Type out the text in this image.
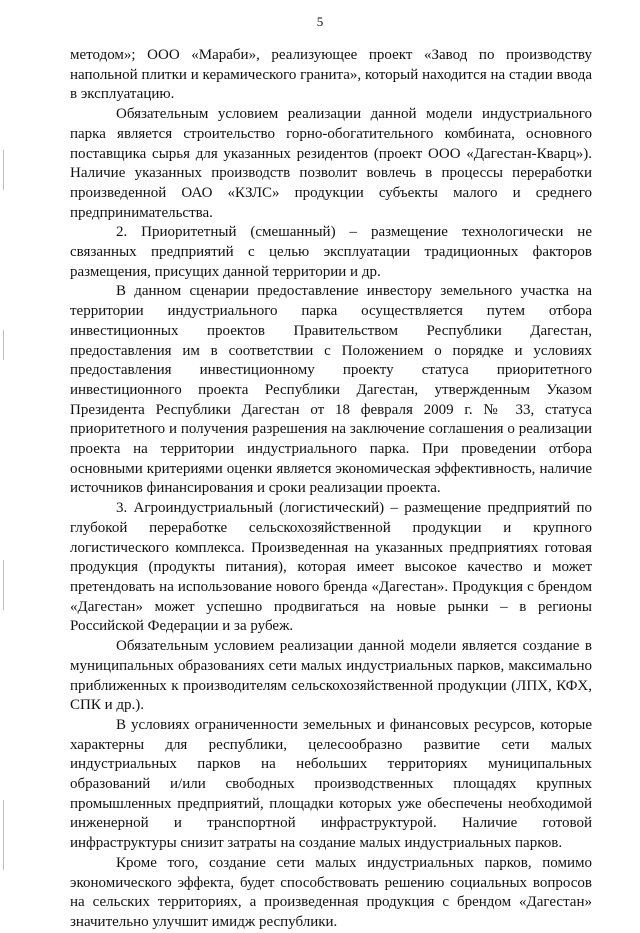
5

методом»; ООО «Мараби», реализующее проект «Завод по производству напольной плитки и керамического гранита», который находится на стадии ввода в эксплуатацию.

Обязательным условием реализации данной модели индустриального парка является строительство горно-обогатительного комбината, основного поставщика сырья для указанных резидентов (проект ООО «Дагестан-Кварц»). Наличие указанных производств позволит вовлечь в процессы переработки произведенной ОАО «КЗЛС» продукции субъекты малого и среднего предпринимательства.

2. Приоритетный (смешанный) – размещение технологически не связанных предприятий с целью эксплуатации традиционных факторов размещения, присущих данной территории и др.

В данном сценарии предоставление инвестору земельного участка на территории индустриального парка осуществляется путем отбора инвестиционных проектов Правительством Республики Дагестан, предоставления им в соответствии с Положением о порядке и условиях предоставления инвестиционному проекту статуса приоритетного инвестиционного проекта Республики Дагестан, утвержденным Указом Президента Республики Дагестан от 18 февраля 2009 г. № 33, статуса приоритетного и получения разрешения на заключение соглашения о реализации проекта на территории индустриального парка. При проведении отбора основными критериями оценки является экономическая эффективность, наличие источников финансирования и сроки реализации проекта.

3. Агроиндустриальный (логистический) – размещение предприятий по глубокой переработке сельскохозяйственной продукции и крупного логистического комплекса. Произведенная на указанных предприятиях готовая продукция (продукты питания), которая имеет высокое качество и может претендовать на использование нового бренда «Дагестан». Продукция с брендом «Дагестан» может успешно продвигаться на новые рынки – в регионы Российской Федерации и за рубеж.

Обязательным условием реализации данной модели является создание в муниципальных образованиях сети малых индустриальных парков, максимально приближенных к производителям сельскохозяйственной продукции (ЛПХ, КФХ, СПК и др.).

В условиях ограниченности земельных и финансовых ресурсов, которые характерны для республики, целесообразно развитие сети малых индустриальных парков на небольших территориях муниципальных образований и/или свободных производственных площадях крупных промышленных предприятий, площадки которых уже обеспечены необходимой инженерной и транспортной инфраструктурой. Наличие готовой инфраструктуры снизит затраты на создание малых индустриальных парков.

Кроме того, создание сети малых индустриальных парков, помимо экономического эффекта, будет способствовать решению социальных вопросов на сельских территориях, а произведенная продукция с брендом «Дагестан» значительно улучшит имидж республики.
